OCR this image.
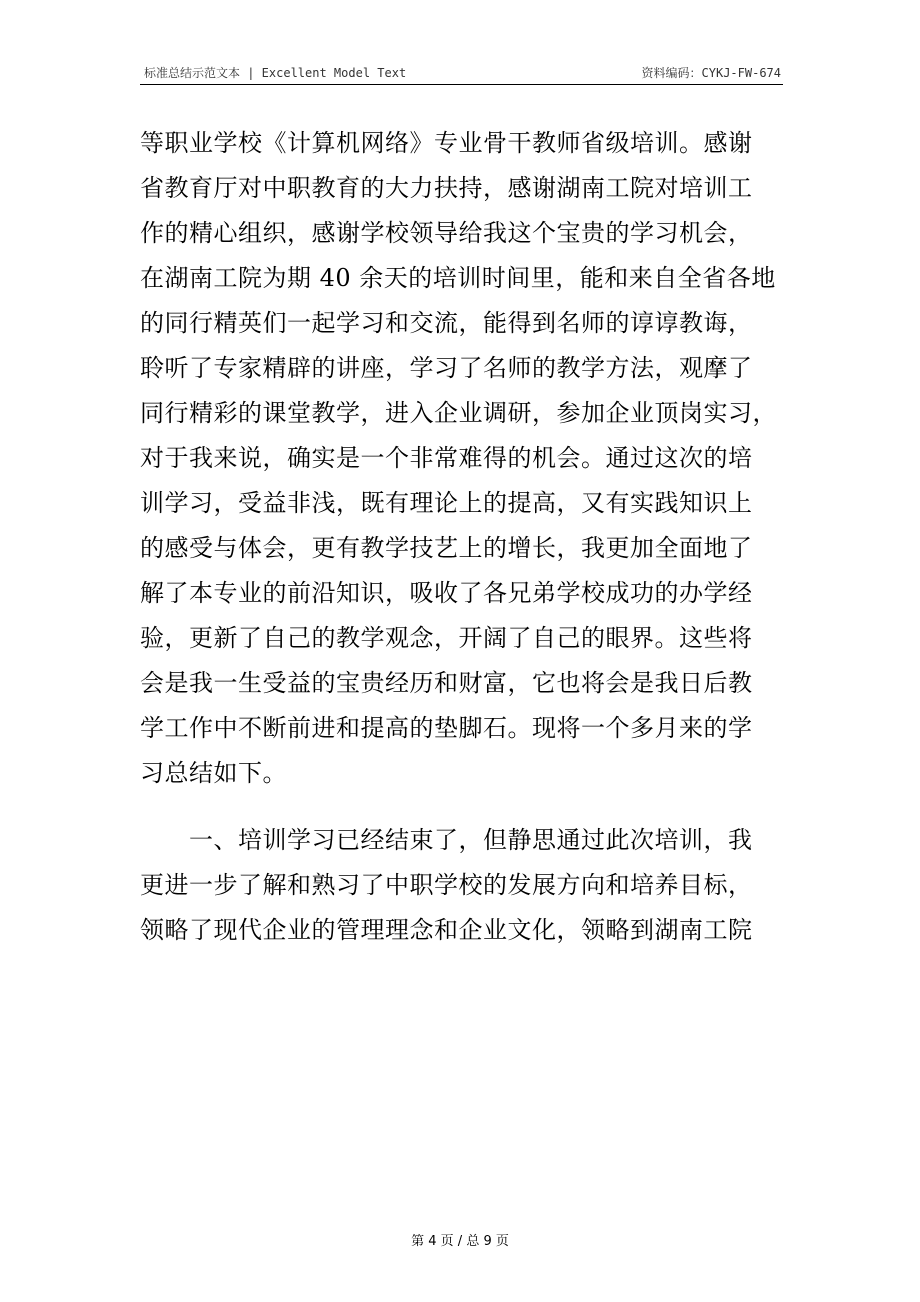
标准总结示范文本 | Excellent Model Text	资料编码：CYKJ-FW-674
等职业学校《计算机网络》专业骨干教师省级培训。感谢
省教育厅对中职教育的大力扶持，感谢湖南工院对培训工
作的精心组织，感谢学校领导给我这个宝贵的学习机会，
在湖南工院为期 40 余天的培训时间里，能和来自全省各地
的同行精英们一起学习和交流，能得到名师的谆谆教诲，
聆听了专家精辟的讲座，学习了名师的教学方法，观摩了
同行精彩的课堂教学，进入企业调研，参加企业顶岗实习，
对于我来说，确实是一个非常难得的机会。通过这次的培
训学习，受益非浅，既有理论上的提高，又有实践知识上
的感受与体会，更有教学技艺上的增长，我更加全面地了
解了本专业的前沿知识，吸收了各兄弟学校成功的办学经
验，更新了自己的教学观念，开阔了自己的眼界。这些将
会是我一生受益的宝贵经历和财富，它也将会是我日后教
学工作中不断前进和提高的垫脚石。现将一个多月来的学
习总结如下。
　　一、培训学习已经结束了，但静思通过此次培训，我
更进一步了解和熟习了中职学校的发展方向和培养目标，
领略了现代企业的管理理念和企业文化，领略到湖南工院
第 4 页 / 总 9 页
